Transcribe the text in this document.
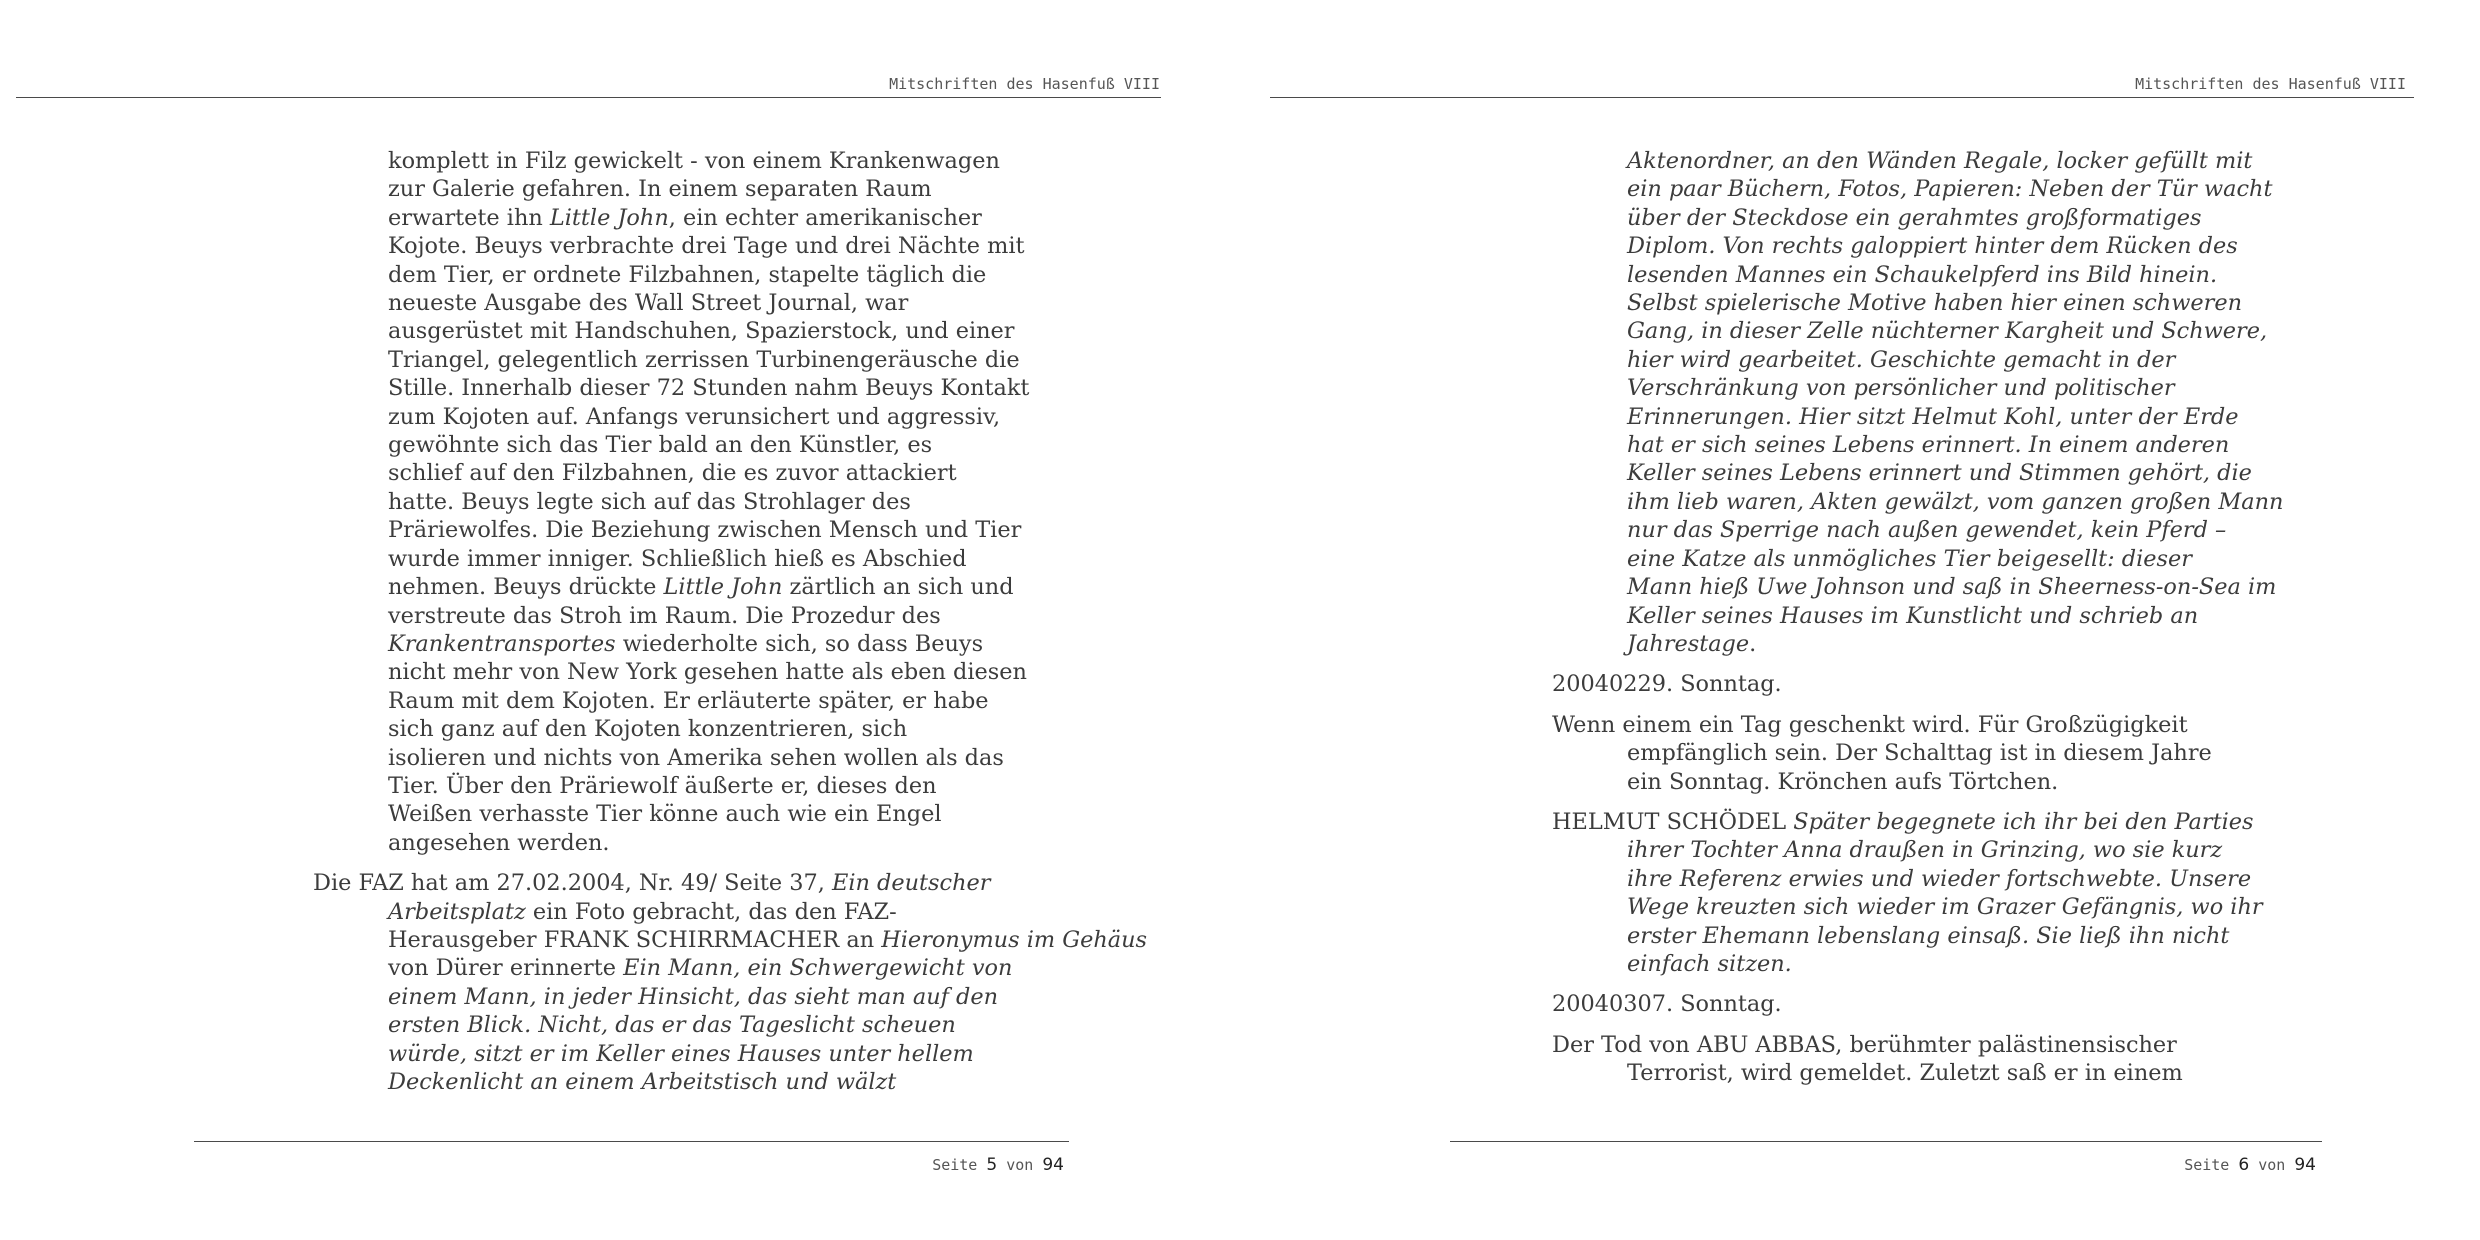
Mitschriften des Hasenfuß VIII
komplett in Filz gewickelt - von einem Krankenwagen
zur Galerie gefahren. In einem separaten Raum
erwartete ihn Little John, ein echter amerikanischer
Kojote. Beuys verbrachte drei Tage und drei Nächte mit
dem Tier, er ordnete Filzbahnen, stapelte täglich die
neueste Ausgabe des Wall Street Journal, war
ausgerüstet mit Handschuhen, Spazierstock, und einer
Triangel, gelegentlich zerrissen Turbinengeräusche die
Stille. Innerhalb dieser 72 Stunden nahm Beuys Kontakt
zum Kojoten auf. Anfangs verunsichert und aggressiv,
gewöhnte sich das Tier bald an den Künstler, es
schlief auf den Filzbahnen, die es zuvor attackiert
hatte. Beuys legte sich auf das Strohlager des
Präriewolfes. Die Beziehung zwischen Mensch und Tier
wurde immer inniger. Schließlich hieß es Abschied
nehmen. Beuys drückte Little John zärtlich an sich und
verstreute das Stroh im Raum. Die Prozedur des
Krankentransportes wiederholte sich, so dass Beuys
nicht mehr von New York gesehen hatte als eben diesen
Raum mit dem Kojoten. Er erläuterte später, er habe
sich ganz auf den Kojoten konzentrieren, sich
isolieren und nichts von Amerika sehen wollen als das
Tier. Über den Präriewolf äußerte er, dieses den
Weißen verhasste Tier könne auch wie ein Engel
angesehen werden.
Die FAZ hat am 27.02.2004, Nr. 49/ Seite 37, Ein deutscher
Arbeitsplatz ein Foto gebracht, das den FAZ-
Herausgeber FRANK SCHIRRMACHER an Hieronymus im Gehäus
von Dürer erinnerte Ein Mann, ein Schwergewicht von
einem Mann, in jeder Hinsicht, das sieht man auf den
ersten Blick. Nicht, das er das Tageslicht scheuen
würde, sitzt er im Keller eines Hauses unter hellem
Deckenlicht an einem Arbeitstisch und wälzt
Seite 5 von 94
Mitschriften des Hasenfuß VIII
Aktenordner, an den Wänden Regale, locker gefüllt mit
ein paar Büchern, Fotos, Papieren: Neben der Tür wacht
über der Steckdose ein gerahmtes großformatiges
Diplom. Von rechts galoppiert hinter dem Rücken des
lesenden Mannes ein Schaukelpferd ins Bild hinein.
Selbst spielerische Motive haben hier einen schweren
Gang, in dieser Zelle nüchterner Kargheit und Schwere,
hier wird gearbeitet. Geschichte gemacht in der
Verschränkung von persönlicher und politischer
Erinnerungen. Hier sitzt Helmut Kohl, unter der Erde
hat er sich seines Lebens erinnert. In einem anderen
Keller seines Lebens erinnert und Stimmen gehört, die
ihm lieb waren, Akten gewälzt, vom ganzen großen Mann
nur das Sperrige nach außen gewendet, kein Pferd –
eine Katze als unmögliches Tier beigesellt: dieser
Mann hieß Uwe Johnson und saß in Sheerness-on-Sea im
Keller seines Hauses im Kunstlicht und schrieb an
Jahrestage.
20040229. Sonntag.
Wenn einem ein Tag geschenkt wird. Für Großzügigkeit
empfänglich sein. Der Schalttag ist in diesem Jahre
ein Sonntag. Krönchen aufs Törtchen.
HELMUT SCHÖDEL Später begegnete ich ihr bei den Parties
ihrer Tochter Anna draußen in Grinzing, wo sie kurz
ihre Referenz erwies und wieder fortschwebte. Unsere
Wege kreuzten sich wieder im Grazer Gefängnis, wo ihr
erster Ehemann lebenslang einsaß. Sie ließ ihn nicht
einfach sitzen.
20040307. Sonntag.
Der Tod von ABU ABBAS, berühmter palästinensischer
Terrorist, wird gemeldet. Zuletzt saß er in einem
Seite 6 von 94
